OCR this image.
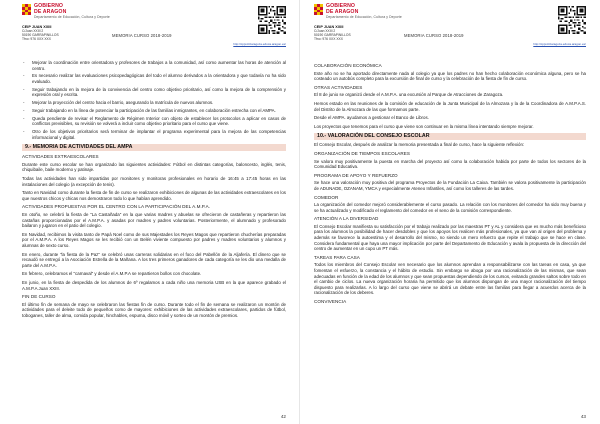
GOBIERNO
DE ARAGON
Departamento de Educación, Cultura y Deporte
CEIP JUAN XXIII
C/Juan XXIII 2
50190 GARRAPINILLOS
Tfno: 976 XXX XXX
MEMORIA CURSO 2018-2019
http://cpjxxiiizaragoza.educa.aragon.es/
- Mejorar la coordinación entre orientadora y profesores de trabajos a la comunidad, así como aumentar las horas de atención al centro.
- Es necesario realizar las evaluaciones psicopedagógicas del todo el alumno derivados a la orientadora y que todavía no ha sido evaluado.
- Seguir trabajando en la mejora de la convivencia del centro como objetivo prioritario, así como la mejora de la comprensión y expresión oral y escrita.
- Mejorar la proyección del centro hacia el barrio, asegurando la matrícula de nuevos alumnos.
- Seguir trabajando en la línea de potenciar la participación de las familias inmigrantes, en colaboración estrecha con el AMPA.
- Queda pendiente de revisar el Reglamento de Régimen Interior con objeto de establecer los protocolos a aplicar en casos de conflictos previsibles, su revisión se volverá a incluir como objetivo prioritario para el curso que viene.
- Otro de los objetivos prioritarios será terminar de implantar el programa experimental para la mejora de las competencias informacional y digital.
9.- MEMORIA DE ACTIVIDADES DEL AMPA
ACTIVIDADES EXTRAESCOLARES

Durante este curso escolar se han organizado las siguientes actividades: Fútbol en distintas categorías, baloncesto, inglés, tenis, chiquibaile, baile moderno y patinaje.

Todas las actividades han sido impartidas por monitores y monitoras profesionales en horario de 16:45 a 17:45 horas en las instalaciones del colegio (a excepción de tenis).

Tanto en Navidad como durante la fiesta de fin de curso se realizaron exhibiciones de algunas de las actividades extraescolares en los que nuestros chicos y chicas nos demostraron todo lo que habían aprendido.

ACTIVIDADES PROPUESTAS POR EL CENTRO CON LA PARTICIPACIÓN DEL A.M.P.A.

En otoño, se celebró la fiesta de "La Castañada" en la que varias madres y abuelas se ofrecieron de castañeras y repartieron las castañas proporcionadas por el A.M.P.A. y asadas por madres y padres voluntarias. Posteriormente, el alumnado y profesorado bailaron y jugaron en el patio del colegio.

En Navidad, recibimos la visita tanto de Papá Noel como de sus Majestades los Reyes Magos que repartieron chucherías preparadas por el A.M.P.A. A los Reyes Magos se les recibió con un Belén viviente compuesto por padres y madres voluntarios y alumnos y alumnas de sexto curso.

En enero, durante "la fiesta de la Paz" se celebró unas carreras solidarias en el foco del Pabellón de la Aljafería. El dinero que se recaudó se entregó a la Asociación Estrella de la Mañana. A los tres primeros ganadores de cada categoría se les dio una medalla de parte del A.M.P.A.

En febrero, celebramos el "carnaval" y desde el A.M.P.A se repartieron bollos con chocolate.

En junio, en la fiesta de despedida de los alumnos de 6º regalamos a cada niño una memoria USB en la que aparece grabado el A.M.P.A Juan XXIII.

FIN DE CURSO

El último fin de semana de mayo se celebraron las fiestas fin de curso. Durante todo el fin de semana se realizaron un montón de actividades para el deleite todo de pequeños como de mayores: exhibiciones de las actividades extraescolares, partidos de fútbol, toboganes, taller de alma, comida popular, hinchables, espuma, disco móvil y sorteo de un montón de premios.

42
GOBIERNO
DE ARAGON
Departamento de Educación, Cultura y Deporte
CEIP JUAN XXIII
C/Juan XXIII 2
50190 GARRAPINILLOS
Tfno: 976 XXX XXX
MEMORIA CURSO 2018-2019
http://cpjxxiiizaragoza.educa.aragon.es/
COLABORACIÓN ECONÓMICA

Este año no se ha aportado directamente nada al colegio ya que los padres no han hecho colaboración económica alguna, pero se ha costeado un autobús completo para la excursión de final de curso y la celebración de la fiesta de fin de curso.

OTRAS ACTIVIDADES

El 8 de junio se organizó desde el A.M.P.A. una excursión al Parque de Atracciones de Zaragoza.

Hemos estado en las reuniones de la comisión de educación de la Junta Municipal de la Almozara y la de la Coordinadora de A.M.P.A.S. del Distrito de la Almozara de las que formamos parte.

Desde el AMPA. ayudamos a gestionar el Banco de Libros.

Los proyectos que tenemos para el curso que viene son continuar en la misma línea intentando siempre mejorar.

10.- VALORACIÓN DEL CONSEJO ESCOLAR

El Consejo Escolar, después de analizar la memoria presentada a final de curso, hace la siguiente reflexión:

ORGANIZACIÓN DE TIEMPOS ESCOLARES

Se valora muy positivamente la puesta en marcha del proyecto así como la colaboración habida por parte de todos los sectores de la Comunidad Educativa.

PROGRAMA DE APOYO Y REFUERZO

Se hace una valoración muy positiva del programa Proyectos de la Fundación La Caixa. También se valora positivamente la participación de ADUNADE, OZANAM, YMCA y especialmente Ateneo Infantiles, así como los talleres de las tardes.

COMEDOR

La organización del comedor mejoró considerablemente el curso pasado. La relación con los monitores del comedor ha sido muy buena y se ha actualizado y modificado el reglamento del comedor en el seno de la comisión correspondiente.

ATENCIÓN A LA DIVERSIDAD

El Consejo Escolar manifiesta su satisfacción por el trabajo realizado por las maestras PT y AL y considera que es mucho más beneficioso para los alumnos la posibilidad de hacer desdobles y que los apoyos los realicen más profesionales, ya que van al origen del problema y además se favorece la autoestima y el desarrollo del mismo, no siendo un mero refuerzo que repite el trabajo que se hace en clase. Considera fundamental que haya una mayor implicación por parte del Departamento de Educación y avala la propuesta de la dirección del centro de aumentar en un cupo un PT más.

TAREAS PARA CASA

Todos los miembros del Consejo Escolar ven necesario que los alumnos aprendan a responsabilizarse con las tareas en casa, ya que fomentan el esfuerzo, la constancia y el hábito de estudio. Sin embargo se aboga por una racionalización de las mismas, que sean adecuadas en función de la edad de los alumnos y que sean propuestas dependiendo de los cursos, evitando grandes saltos sobre todo en el cambio de ciclos. La nueva organización horaria ha permitido que los alumnos dispongan de una mayor racionalización del tiempo dispuesto para realizarlas. A lo largo del curso que viene se abrirá un debate entre las familias para llegar a acuerdos acerca de la racionalización de los deberes.

CONVIVENCIA
43
